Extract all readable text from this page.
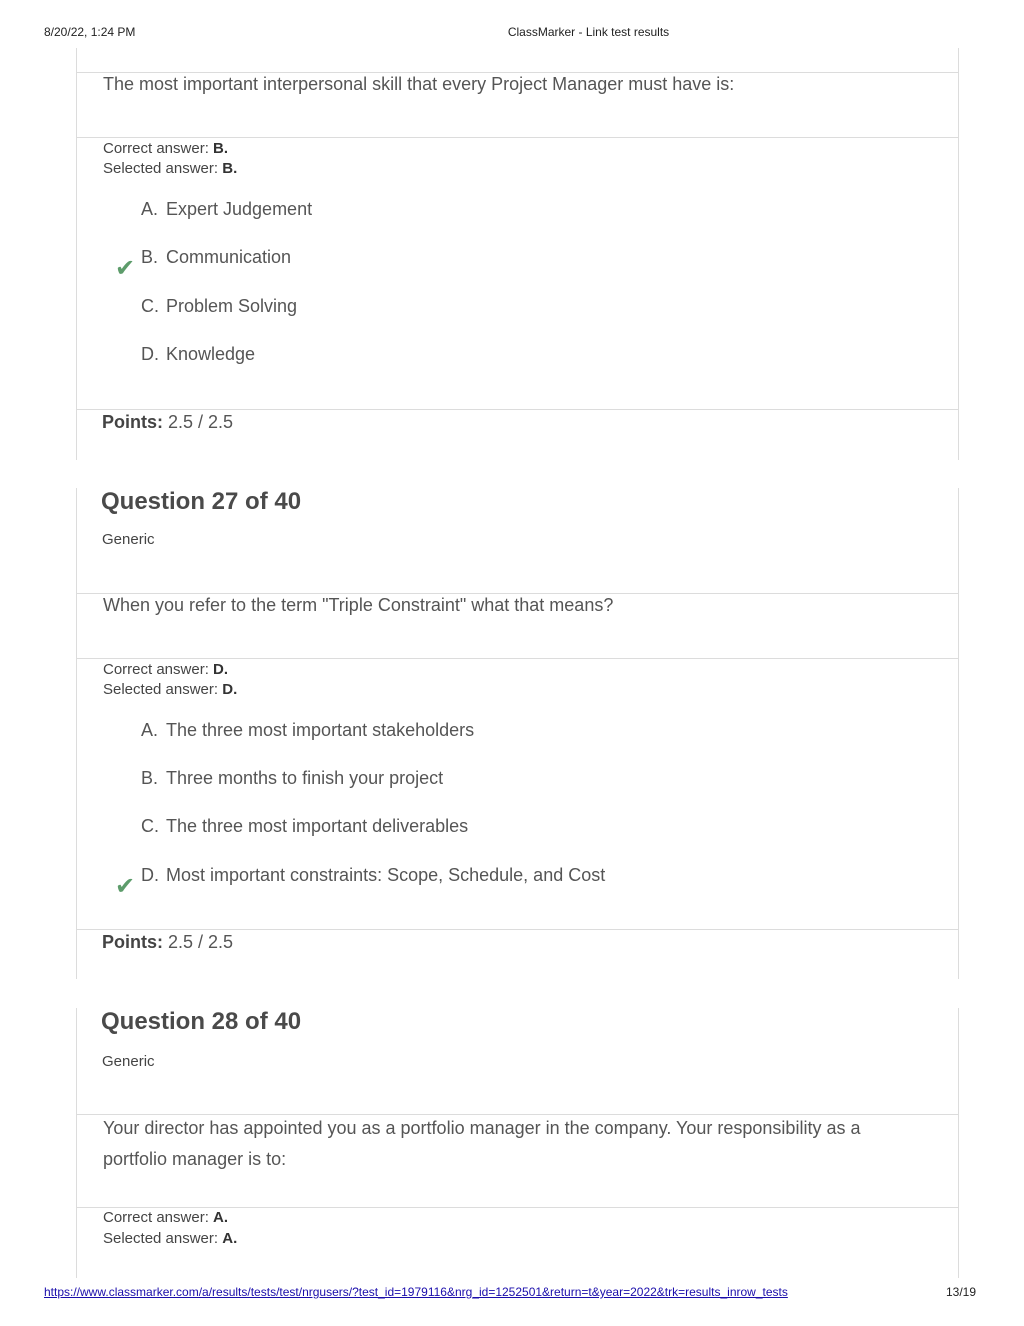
8/20/22, 1:24 PM	ClassMarker - Link test results
The most important interpersonal skill that every Project Manager must have is:
Correct answer: B.
Selected answer: B.
A. Expert Judgement
✔ B. Communication
C. Problem Solving
D. Knowledge
Points: 2.5 / 2.5
Question 27 of 40
Generic
When you refer to the term "Triple Constraint" what that means?
Correct answer: D.
Selected answer: D.
A. The three most important stakeholders
B. Three months to finish your project
C. The three most important deliverables
✔ D. Most important constraints: Scope, Schedule, and Cost
Points: 2.5 / 2.5
Question 28 of 40
Generic
Your director has appointed you as a portfolio manager in the company. Your responsibility as a portfolio manager is to:
Correct answer: A.
Selected answer: A.
https://www.classmarker.com/a/results/tests/test/nrgusers/?test_id=1979116&nrg_id=1252501&return=t&year=2022&trk=results_inrow_tests	13/19
